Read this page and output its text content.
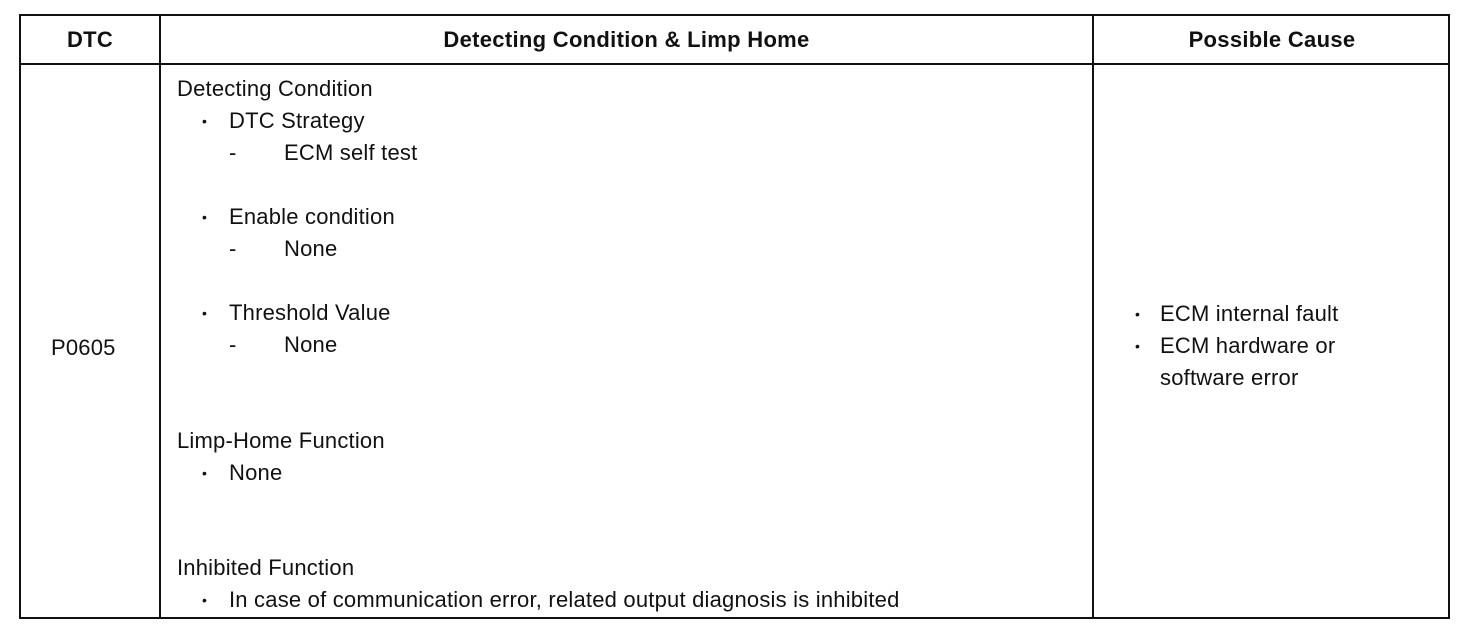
DTC	Detecting Condition & Limp Home	Possible Cause
P0605
Detecting Condition
• DTC Strategy
- ECM self test
• Enable condition
- None
• Threshold Value
- None
Limp-Home Function
• None
Inhibited Function
• In case of communication error, related output diagnosis is inhibited
• ECM internal fault
• ECM hardware or
software error
